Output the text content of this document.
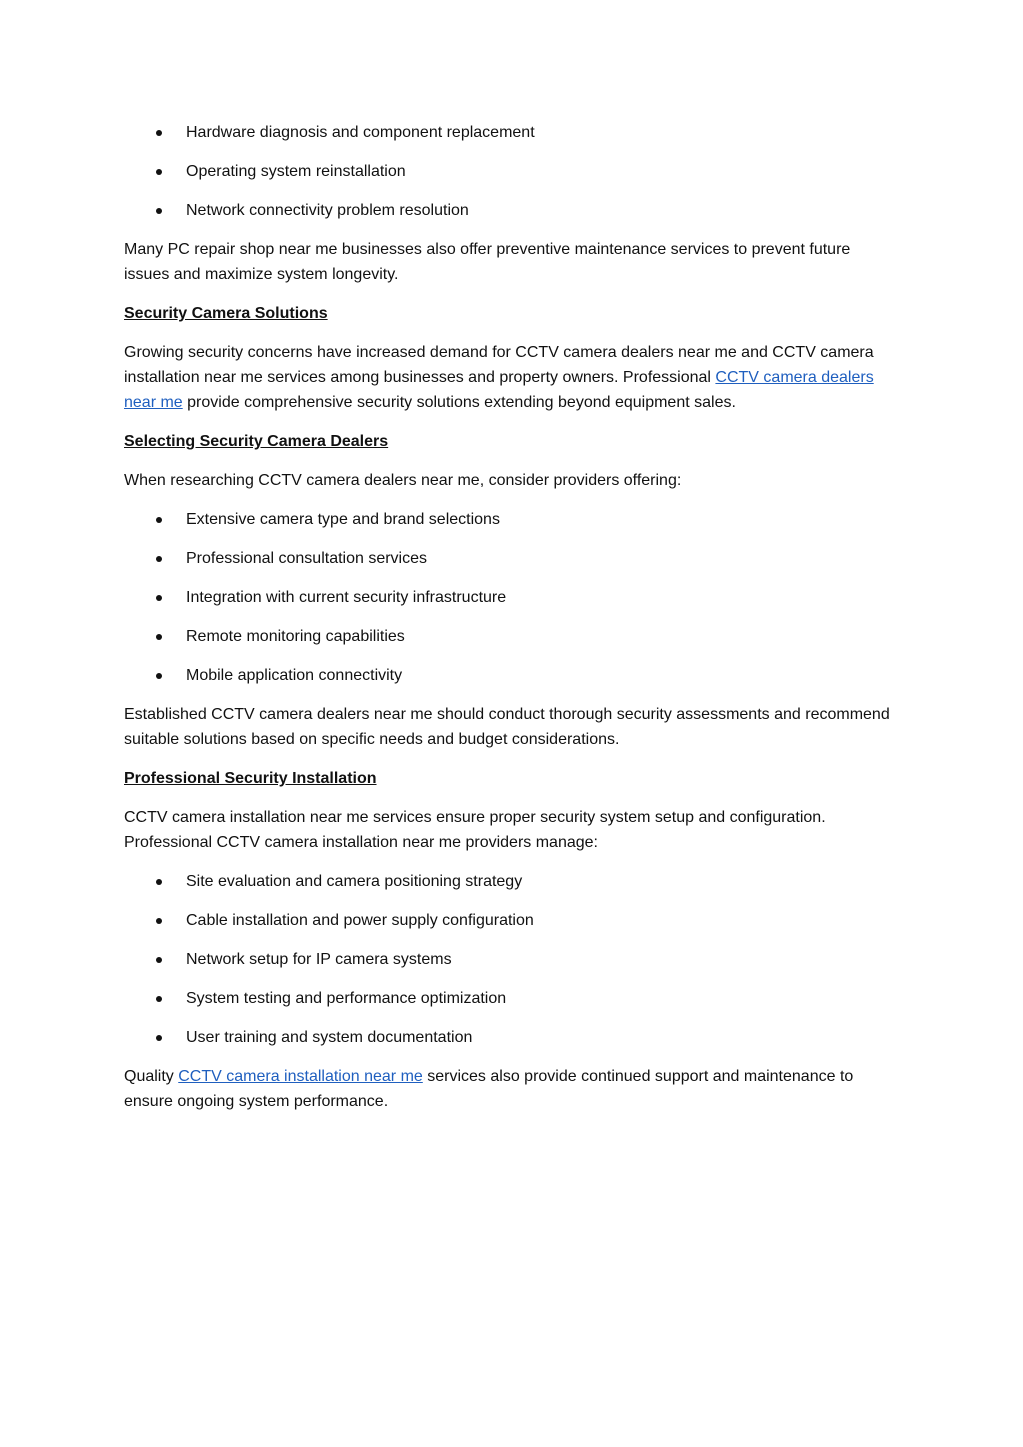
Hardware diagnosis and component replacement
Operating system reinstallation
Network connectivity problem resolution

Many PC repair shop near me businesses also offer preventive maintenance services to prevent future issues and maximize system longevity.

Security Camera Solutions

Growing security concerns have increased demand for CCTV camera dealers near me and CCTV camera installation near me services among businesses and property owners. Professional CCTV camera dealers near me provide comprehensive security solutions extending beyond equipment sales.

Selecting Security Camera Dealers

When researching CCTV camera dealers near me, consider providers offering:

Extensive camera type and brand selections
Professional consultation services
Integration with current security infrastructure
Remote monitoring capabilities
Mobile application connectivity

Established CCTV camera dealers near me should conduct thorough security assessments and recommend suitable solutions based on specific needs and budget considerations.

Professional Security Installation

CCTV camera installation near me services ensure proper security system setup and configuration. Professional CCTV camera installation near me providers manage:

Site evaluation and camera positioning strategy
Cable installation and power supply configuration
Network setup for IP camera systems
System testing and performance optimization
User training and system documentation

Quality CCTV camera installation near me services also provide continued support and maintenance to ensure ongoing system performance.
